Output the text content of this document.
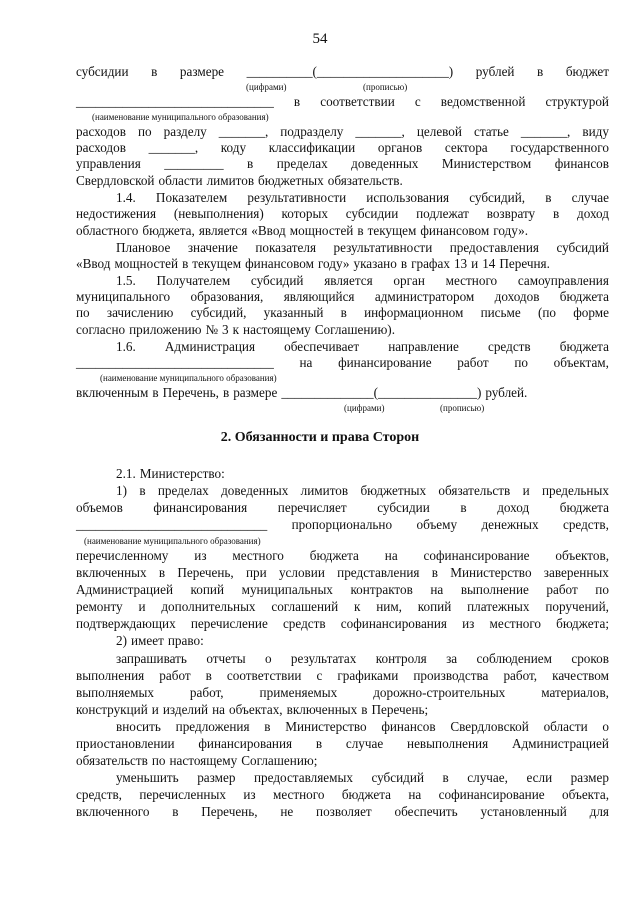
54
субсидии в размере __________(____________________) рублей в бюджет
(цифрами)	(прописью)
______________________________ в соответствии с ведомственной структурой
(наименование муниципального образования)
расходов по разделу _______, подразделу _______, целевой статье _______, виду
расходов _______, коду классификации органов сектора государственного
управления _________ в пределах доведенных Министерством финансов
Свердловской области лимитов бюджетных обязательств.
1.4. Показателем результативности использования субсидий, в случае
недостижения (невыполнения) которых субсидии подлежат возврату в доход
областного бюджета, является «Ввод мощностей в текущем финансовом году».
Плановое значение показателя результативности предоставления субсидий
«Ввод мощностей в текущем финансовом году» указано в графах 13 и 14 Перечня.
1.5. Получателем субсидий является орган местного самоуправления
муниципального образования, являющийся администратором доходов бюджета
по зачислению субсидий, указанный в информационном письме (по форме
согласно приложению № 3 к настоящему Соглашению).
1.6. Администрация обеспечивает направление средств бюджета
______________________________ на финансирование работ по объектам,
(наименование муниципального образования)
включенным в Перечень, в размере ______________(_______________) рублей.
(цифрами)	(прописью)
2. Обязанности и права Сторон
2.1. Министерство:
1) в пределах доведенных лимитов бюджетных обязательств и предельных
объемов финансирования перечисляет субсидии в доход бюджета
_____________________________ пропорционально объему денежных средств,
(наименование муниципального образования)
перечисленному из местного бюджета на софинансирование объектов,
включенных в Перечень, при условии представления в Министерство заверенных
Администрацией копий муниципальных контрактов на выполнение работ по
ремонту и дополнительных соглашений к ним, копий платежных поручений,
подтверждающих перечисление средств софинансирования из местного бюджета;
2) имеет право:
запрашивать отчеты о результатах контроля за соблюдением сроков
выполнения работ в соответствии с графиками производства работ, качеством
выполняемых	работ,	применяемых	дорожно-строительных	материалов,
конструкций и изделий на объектах, включенных в Перечень;
вносить предложения в Министерство финансов Свердловской области о
приостановлении финансирования в случае невыполнения Администрацией
обязательств по настоящему Соглашению;
уменьшить размер предоставляемых субсидий в случае, если размер
средств, перечисленных из местного бюджета на софинансирование объекта,
включенного в Перечень, не позволяет обеспечить установленный для
